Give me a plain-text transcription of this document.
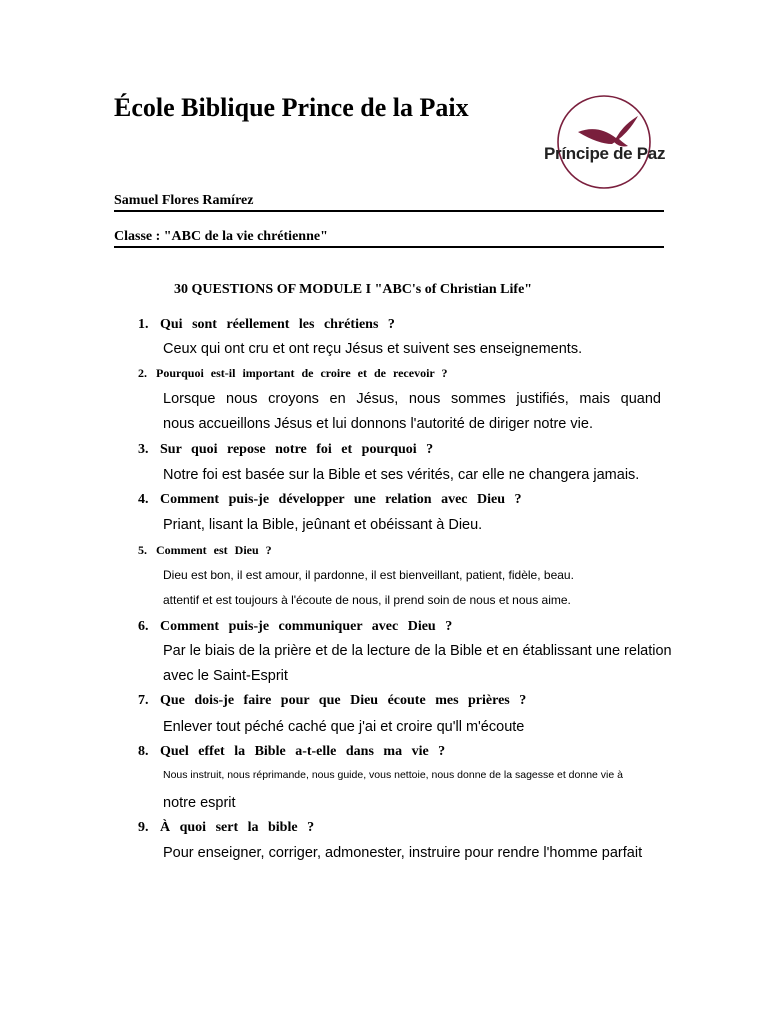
École Biblique Prince de la Paix
Príncipe de Paz
Samuel Flores Ramírez
Classe : "ABC de la vie chrétienne"
30 QUESTIONS OF MODULE I "ABC's of Christian Life"
1. Qui sont réellement les chrétiens ?
Ceux qui ont cru et ont reçu Jésus et suivent ses enseignements.
2. Pourquoi est-il important de croire et de recevoir ?
Lorsque nous croyons en Jésus, nous sommes justifiés, mais quand
nous accueillons Jésus et lui donnons l'autorité de diriger notre vie.
3. Sur quoi repose notre foi et pourquoi ?
Notre foi est basée sur la Bible et ses vérités, car elle ne changera jamais.
4. Comment puis-je développer une relation avec Dieu ?
Priant, lisant la Bible, jeûnant et obéissant à Dieu.
5. Comment est Dieu ?
Dieu est bon, il est amour, il pardonne, il est bienveillant, patient, fidèle, beau.
attentif et est toujours à l'écoute de nous, il prend soin de nous et nous aime.
6. Comment puis-je communiquer avec Dieu ?
Par le biais de la prière et de la lecture de la Bible et en établissant une relation
avec le Saint-Esprit
7. Que dois-je faire pour que Dieu écoute mes prières ?
Enlever tout péché caché que j'ai et croire qu'll m'écoute
8. Quel effet la Bible a-t-elle dans ma vie ?
Nous instruit, nous réprimande, nous guide, vous nettoie, nous donne de la sagesse et donne vie à
notre esprit
9. À quoi sert la bible ?
Pour enseigner, corriger, admonester, instruire pour rendre l'homme parfait
